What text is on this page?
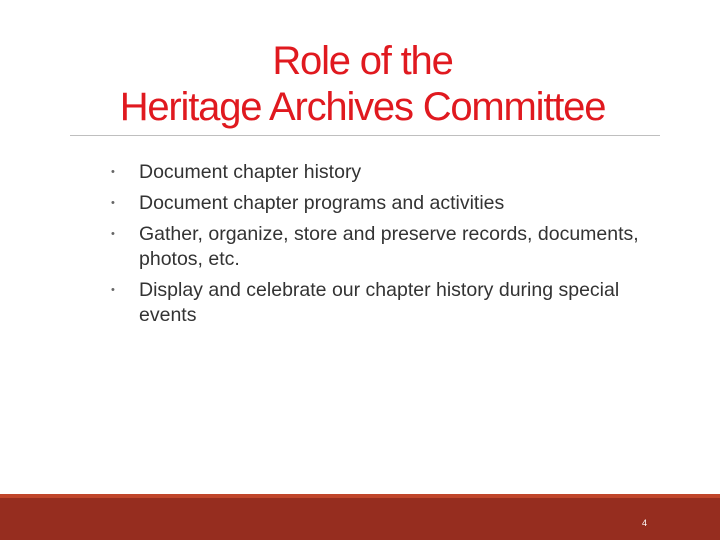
Role of the
Heritage Archives Committee
• Document chapter history
• Document chapter programs and activities
• Gather, organize, store and preserve records, documents, photos, etc.
• Display and celebrate our chapter history during special events
4
